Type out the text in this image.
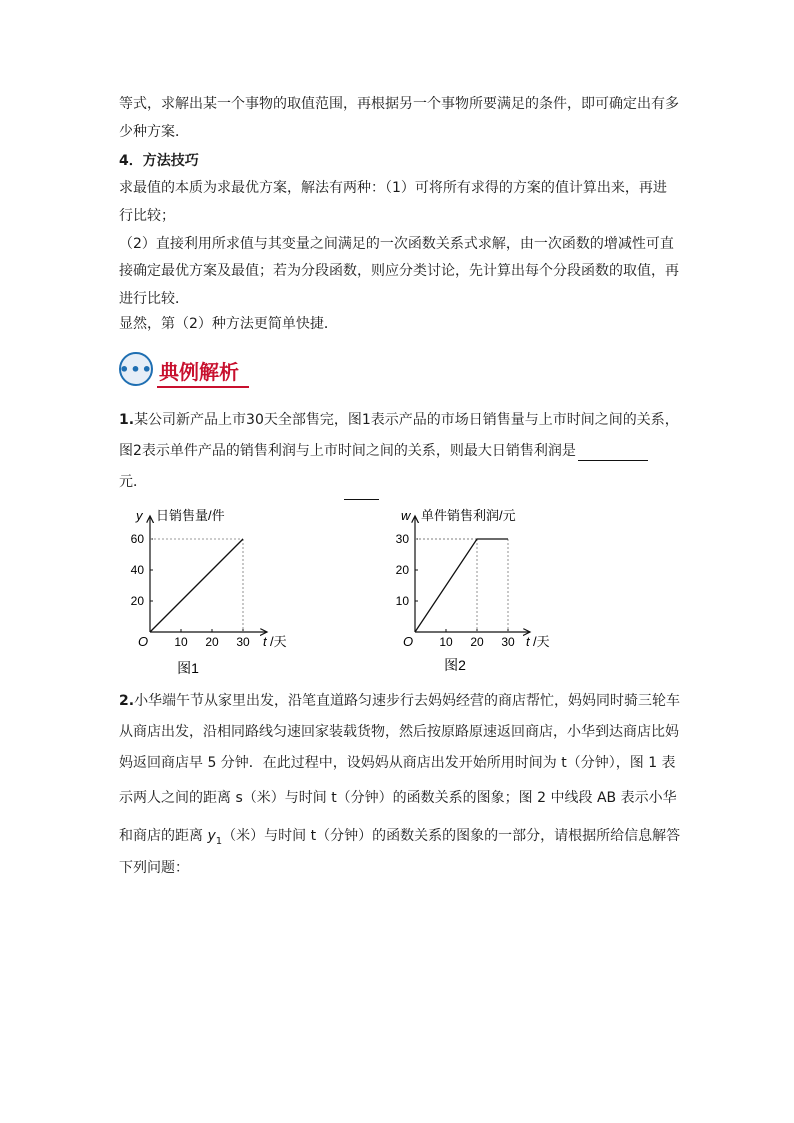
等式，求解出某一个事物的取值范围，再根据另一个事物所要满足的条件，即可确定出有多
少种方案．
4．方法技巧
求最值的本质为求最优方案，解法有两种：（1）可将所有求得的方案的值计算出来，再进
行比较；
（2）直接利用所求值与其变量之间满足的一次函数关系式求解，由一次函数的增减性可直
接确定最优方案及最值；若为分段函数，则应分类讨论，先计算出每个分段函数的取值，再
进行比较．
显然，第（2）种方法更简单快捷．
••• 典例解析
1.某公司新产品上市30天全部售完，图1表示产品的市场日销售量与上市时间之间的关系，
图2表示单件产品的销售利润与上市时间之间的关系，则最大日销售利润是
元．
O 10 20 30
20
40
60
y 日销售量/件
t /天
图1
O 10 20 30
10
20
30
w 单件销售利润/元
t /天
图2
2.小华端午节从家里出发，沿笔直道路匀速步行去妈妈经营的商店帮忙，妈妈同时骑三轮车
从商店出发，沿相同路线匀速回家装载货物，然后按原路原速返回商店，小华到达商店比妈
妈返回商店早 5 分钟．在此过程中，设妈妈从商店出发开始所用时间为 t（分钟），图 1 表
示两人之间的距离 s（米）与时间 t（分钟）的函数关系的图象；图 2 中线段 AB 表示小华
和商店的距离 $y_1$（米）与时间 t（分钟）的函数关系的图象的一部分，请根据所给信息解答
下列问题：
